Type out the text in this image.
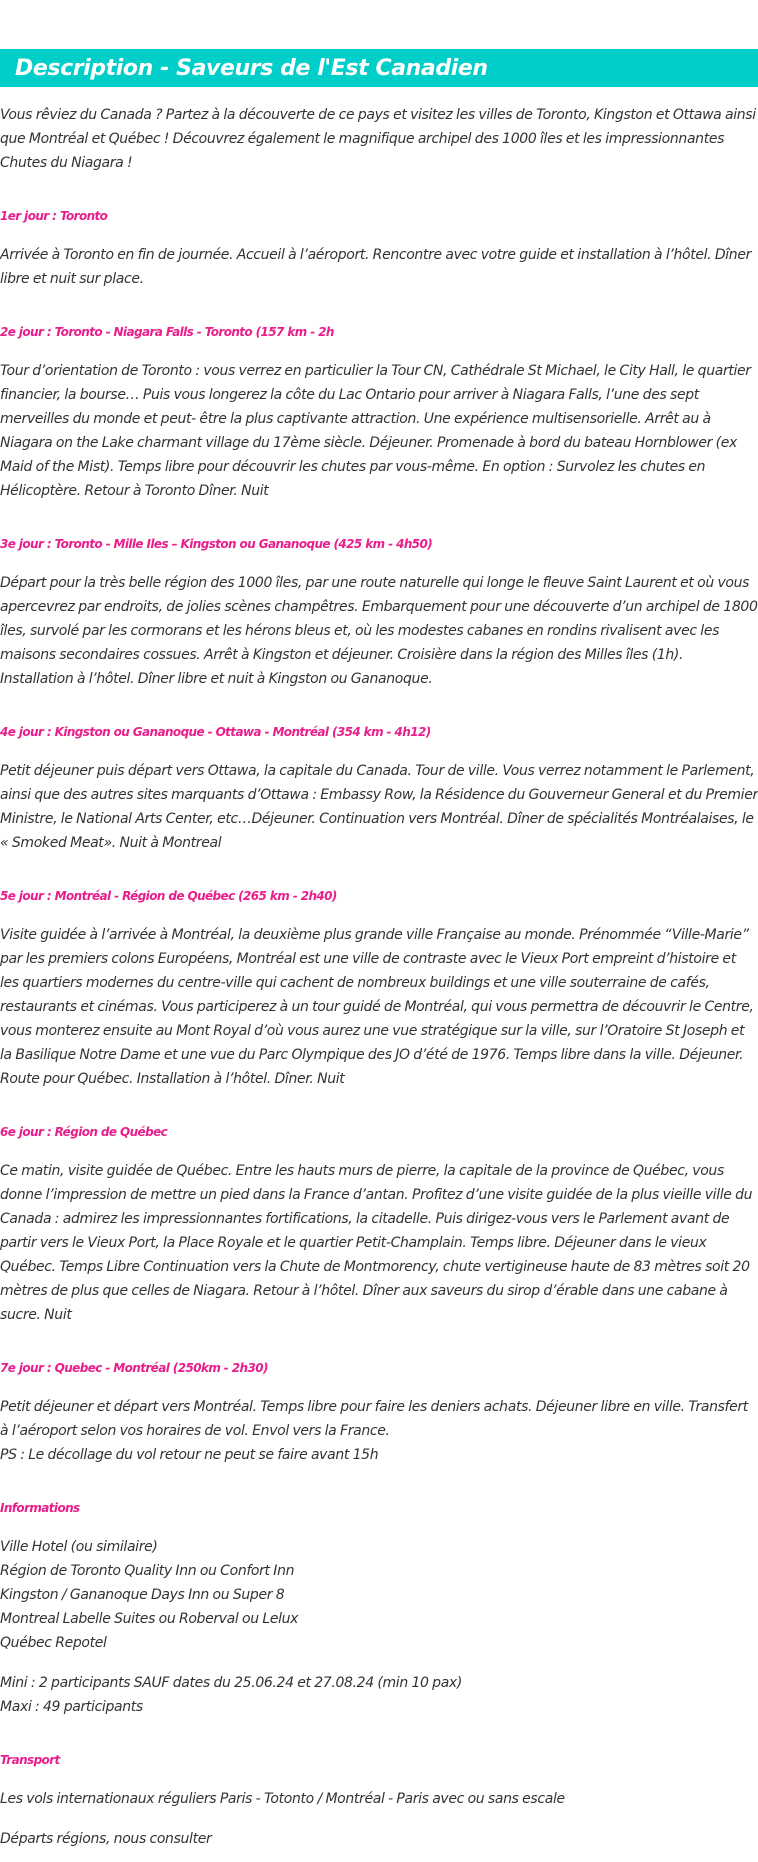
Description - Saveurs de l'Est Canadien

Vous rêviez du Canada ? Partez à la découverte de ce pays et visitez les villes de Toronto, Kingston et Ottawa ainsi que Montréal et Québec ! Découvrez également le magnifique archipel des 1000 îles et les impressionnantes Chutes du Niagara !

1er jour : Toronto

Arrivée à Toronto en fin de journée. Accueil à l’aéroport. Rencontre avec votre guide et installation à l’hôtel. Dîner libre et nuit sur place.

2e jour : Toronto - Niagara Falls - Toronto (157 km - 2h

Tour d’orientation de Toronto : vous verrez en particulier la Tour CN, Cathédrale St Michael, le City Hall, le quartier financier, la bourse… Puis vous longerez la côte du Lac Ontario pour arriver à Niagara Falls, l’une des sept merveilles du monde et peut- être la plus captivante attraction. Une expérience multisensorielle. Arrêt au à Niagara on the Lake charmant village du 17ème siècle. Déjeuner. Promenade à bord du bateau Hornblower (ex Maid of the Mist). Temps libre pour découvrir les chutes par vous-même. En option : Survolez les chutes en Hélicoptère. Retour à Toronto Dîner. Nuit

3e jour : Toronto - Mille Iles – Kingston ou Gananoque (425 km - 4h50)

Départ pour la très belle région des 1000 îles, par une route naturelle qui longe le fleuve Saint Laurent et où vous apercevrez par endroits, de jolies scènes champêtres. Embarquement pour une découverte d’un archipel de 1800 îles, survolé par les cormorans et les hérons bleus et, où les modestes cabanes en rondins rivalisent avec les maisons secondaires cossues. Arrêt à Kingston et déjeuner. Croisière dans la région des Milles îles (1h). Installation à l’hôtel. Dîner libre et nuit à Kingston ou Gananoque.

4e jour : Kingston ou Gananoque - Ottawa - Montréal (354 km - 4h12)

Petit déjeuner puis départ vers Ottawa, la capitale du Canada. Tour de ville. Vous verrez notamment le Parlement, ainsi que des autres sites marquants d’Ottawa : Embassy Row, la Résidence du Gouverneur General et du Premier Ministre, le National Arts Center, etc…Déjeuner. Continuation vers Montréal. Dîner de spécialités Montréalaises, le « Smoked Meat». Nuit à Montreal

5e jour : Montréal - Région de Québec (265 km - 2h40)

Visite guidée à l’arrivée à Montréal, la deuxième plus grande ville Française au monde. Prénommée “Ville-Marie” par les premiers colons Européens, Montréal est une ville de contraste avec le Vieux Port empreint d’histoire et les quartiers modernes du centre-ville qui cachent de nombreux buildings et une ville souterraine de cafés, restaurants et cinémas. Vous participerez à un tour guidé de Montréal, qui vous permettra de découvrir le Centre, vous monterez ensuite au Mont Royal d’où vous aurez une vue stratégique sur la ville, sur l’Oratoire St Joseph et la Basilique Notre Dame et une vue du Parc Olympique des JO d’été de 1976. Temps libre dans la ville. Déjeuner. Route pour Québec. Installation à l’hôtel. Dîner. Nuit

6e jour : Région de Québec

Ce matin, visite guidée de Québec. Entre les hauts murs de pierre, la capitale de la province de Québec, vous donne l’impression de mettre un pied dans la France d’antan. Profitez d’une visite guidée de la plus vieille ville du Canada : admirez les impressionnantes fortifications, la citadelle. Puis dirigez-vous vers le Parlement avant de partir vers le Vieux Port, la Place Royale et le quartier Petit-Champlain. Temps libre. Déjeuner dans le vieux Québec. Temps Libre Continuation vers la Chute de Montmorency, chute vertigineuse haute de 83 mètres soit 20 mètres de plus que celles de Niagara. Retour à l’hôtel. Dîner aux saveurs du sirop d’érable dans une cabane à sucre. Nuit

7e jour : Quebec - Montréal (250km - 2h30)

Petit déjeuner et départ vers Montréal. Temps libre pour faire les deniers achats. Déjeuner libre en ville. Transfert à l’aéroport selon vos horaires de vol. Envol vers la France.
PS : Le décollage du vol retour ne peut se faire avant 15h

Informations

Ville Hotel (ou similaire)
Région de Toronto Quality Inn ou Confort Inn
Kingston / Gananoque Days Inn ou Super 8
Montreal Labelle Suites ou Roberval ou Lelux
Québec Repotel

Mini : 2 participants SAUF dates du 25.06.24 et 27.08.24 (min 10 pax)
Maxi : 49 participants

Transport

Les vols internationaux réguliers Paris - Totonto / Montréal - Paris avec ou sans escale

Départs régions, nous consulter
